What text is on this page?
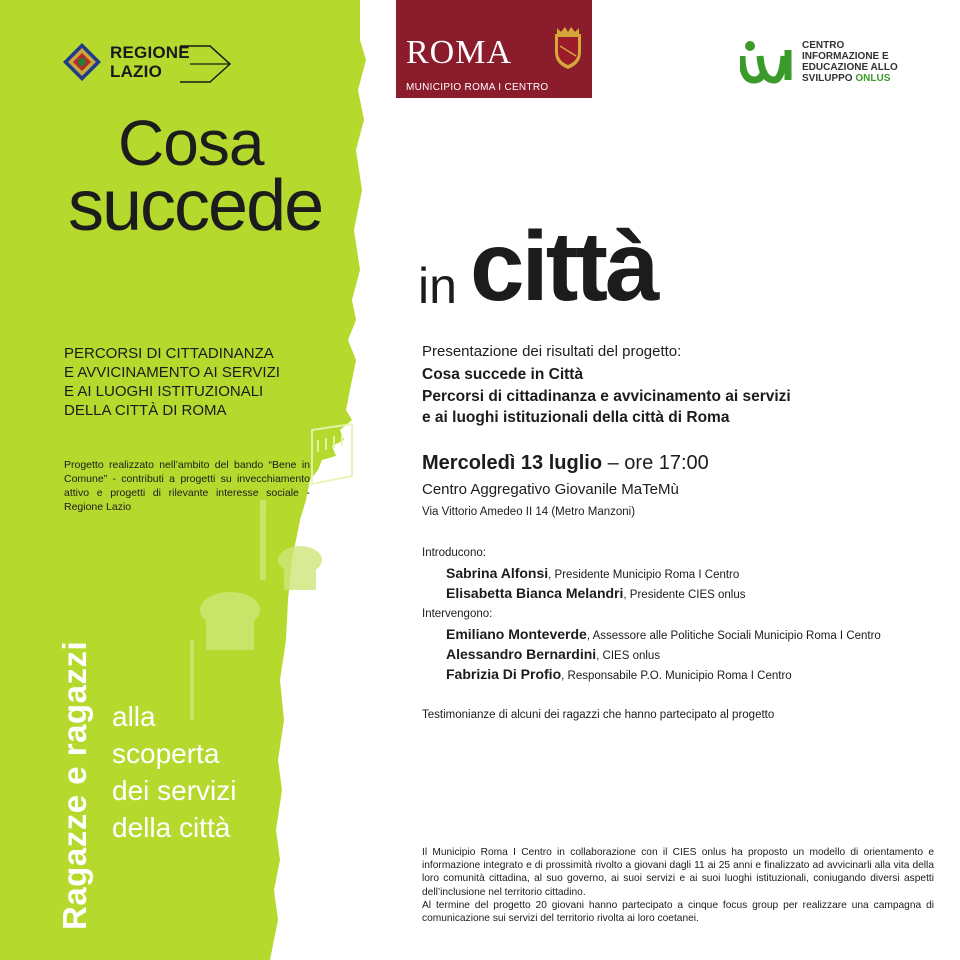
REGIONE
LAZIO
ROMA
MUNICIPIO ROMA I CENTRO
CENTRO
INFORMAZIONE E
EDUCAZIONE ALLO
SVILUPPO ONLUS
Cosa
succede
in città
PERCORSI DI CITTADINANZA
E AVVICINAMENTO AI SERVIZI
E AI LUOGHI ISTITUZIONALI
DELLA CITTÀ DI ROMA
Progetto realizzato nell’ambito del bando “Bene in Comune” - contributi a progetti su invecchiamento attivo e progetti di rilevante interesse sociale - Regione Lazio
Ragazze e ragazzi alla
scoperta
dei servizi
della città
Presentazione dei risultati del progetto:
Cosa succede in Città
Percorsi di cittadinanza e avvicinamento ai servizi
e ai luoghi istituzionali della città di Roma
Mercoledì 13 luglio – ore 17:00
Centro Aggregativo Giovanile MaTeMù
Via Vittorio Amedeo II 14 (Metro Manzoni)
Introducono:
Sabrina Alfonsi, Presidente Municipio Roma I Centro
Elisabetta Bianca Melandri, Presidente CIES onlus
Intervengono:
Emiliano Monteverde, Assessore alle Politiche Sociali Municipio Roma I Centro
Alessandro Bernardini, CIES onlus
Fabrizia Di Profio, Responsabile P.O. Municipio Roma I Centro
Testimonianze di alcuni dei ragazzi che hanno partecipato al progetto

Il Municipio Roma I Centro in collaborazione con il CIES onlus ha proposto un modello di orientamento e informazione integrato e di prossimità rivolto a giovani dagli 11 ai 25 anni e finalizzato ad avvicinarli alla vita della loro comunità cittadina, al suo governo, ai suoi servizi e ai suoi luoghi istituzionali, coniugando diversi aspetti dell’inclusione nel territorio cittadino.

Al termine del progetto 20 giovani hanno partecipato a cinque focus group per realizzare una campagna di comunicazione sui servizi del territorio rivolta ai loro coetanei.
